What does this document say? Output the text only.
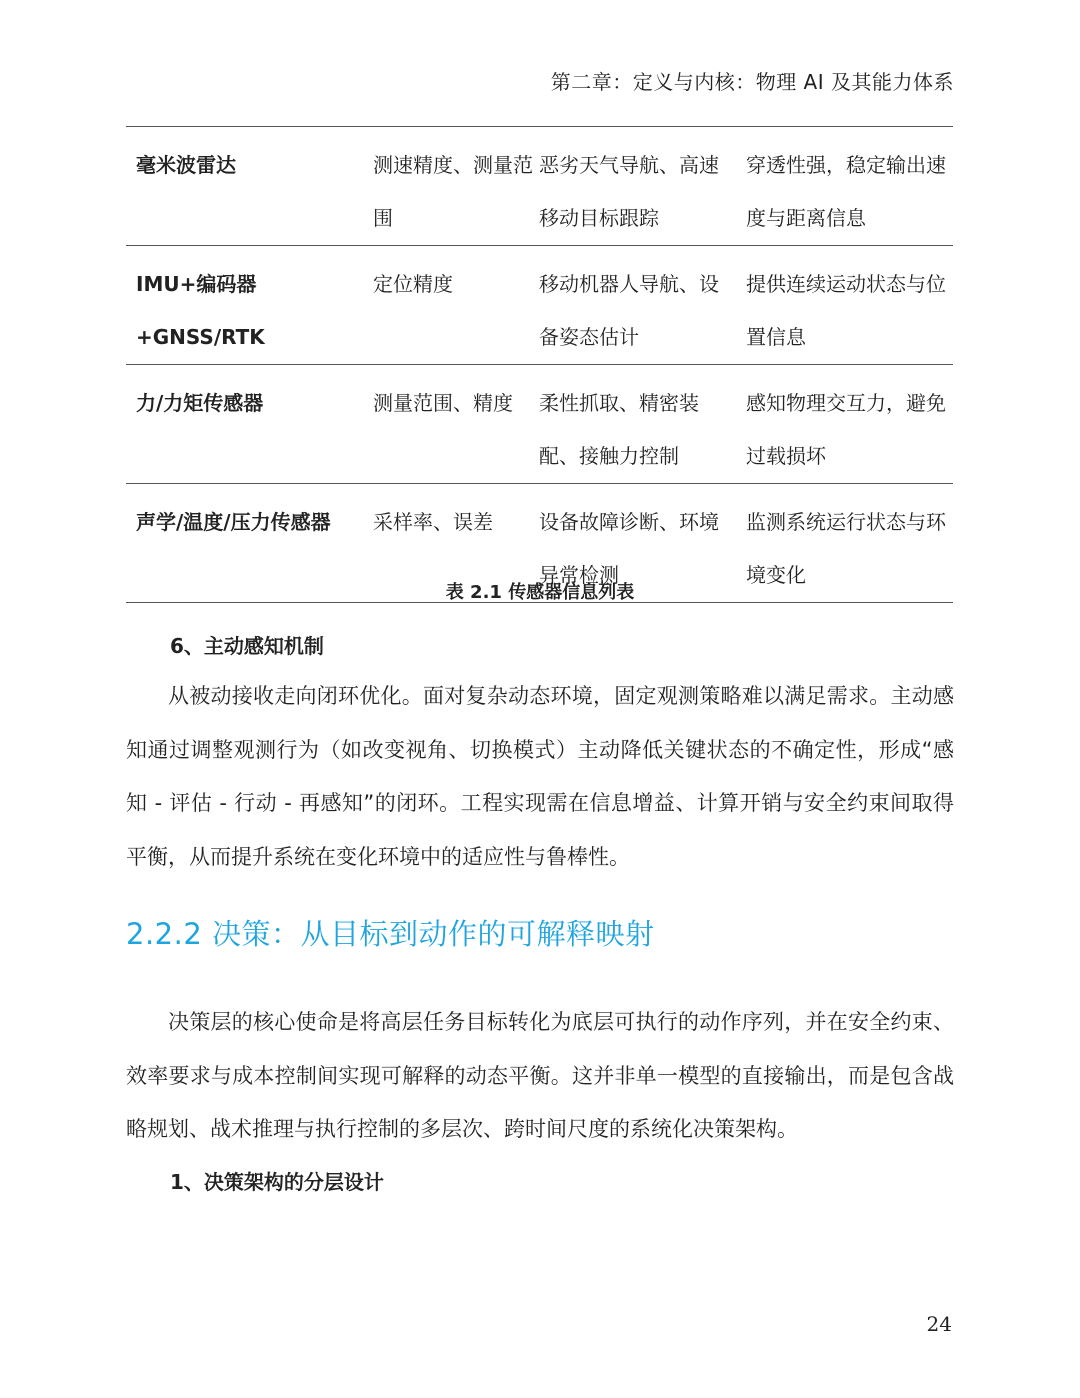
第二章：定义与内核：物理 AI 及其能力体系
毫米波雷达	测速精度、测量范围	恶劣天气导航、高速移动目标跟踪	穿透性强，稳定输出速度与距离信息
IMU+编码器+GNSS/RTK	定位精度	移动机器人导航、设备姿态估计	提供连续运动状态与位置信息
力/力矩传感器	测量范围、精度	柔性抓取、精密装配、接触力控制	感知物理交互力，避免过载损坏
声学/温度/压力传感器	采样率、误差	设备故障诊断、环境异常检测	监测系统运行状态与环境变化
表 2.1 传感器信息列表
6、主动感知机制

从被动接收走向闭环优化。面对复杂动态环境，固定观测策略难以满足需求。主动感知通过调整观测行为（如改变视角、切换模式）主动降低关键状态的不确定性，形成“感知 - 评估 - 行动 - 再感知”的闭环。工程实现需在信息增益、计算开销与安全约束间取得平衡，从而提升系统在变化环境中的适应性与鲁棒性。

2.2.2 决策：从目标到动作的可解释映射

决策层的核心使命是将高层任务目标转化为底层可执行的动作序列，并在安全约束、效率要求与成本控制间实现可解释的动态平衡。这并非单一模型的直接输出，而是包含战略规划、战术推理与执行控制的多层次、跨时间尺度的系统化决策架构。

1、决策架构的分层设计
24
